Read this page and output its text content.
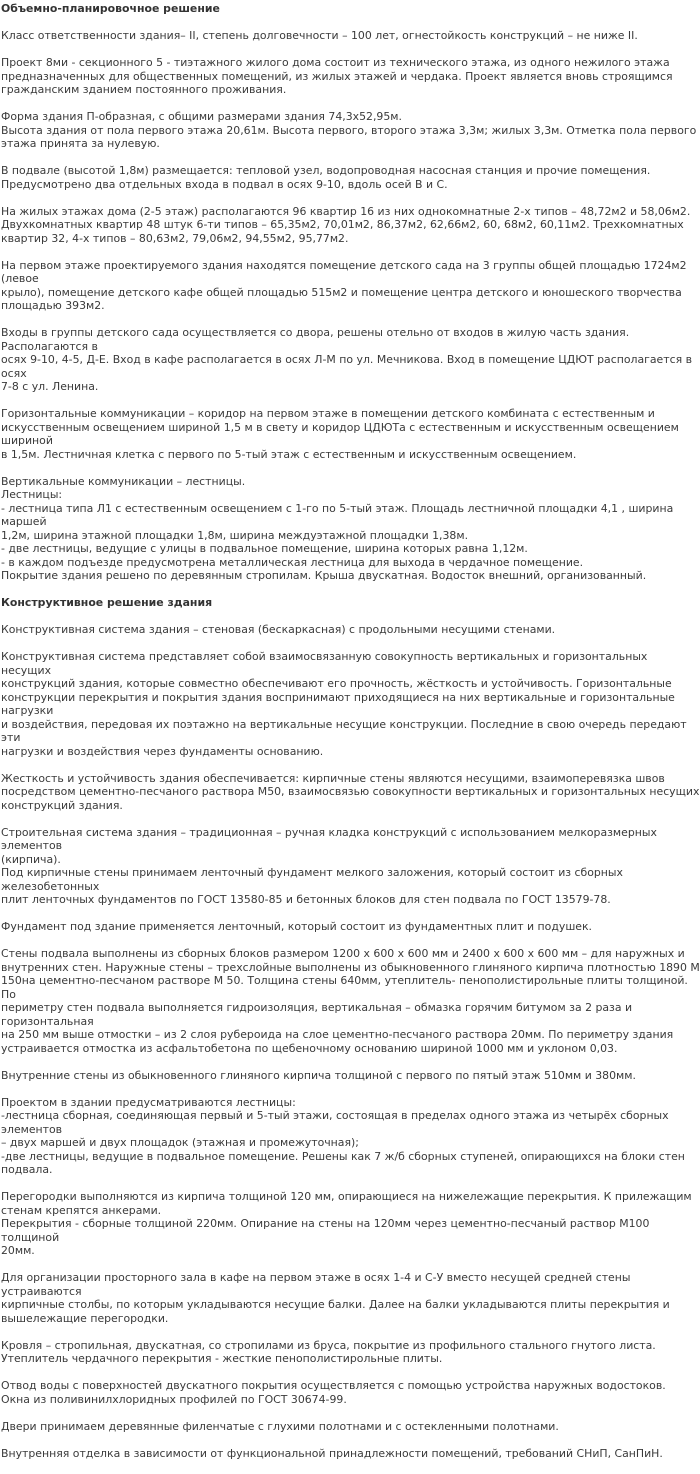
Объемно-планировочное решение
Класс ответственности здания– II, степень долговечности – 100 лет, огнестойкость конструкций – не ниже II.
Проект 8ми - секционного 5 - тиэтажного жилого дома состоит из технического этажа, из одного нежилого этажа
предназначенных для общественных помещений, из жилых этажей и чердака. Проект является вновь строящимся
гражданским зданием постоянного проживания.
Форма здания П-образная, с общими размерами здания 74,3х52,95м.
Высота здания от пола первого этажа 20,61м. Высота первого, второго этажа 3,3м; жилых 3,3м. Отметка пола первого
этажа принята за нулевую.
В подвале (высотой 1,8м) размещается: тепловой узел, водопроводная насосная станция и прочие помещения.
Предусмотрено два отдельных входа в подвал в осях 9-10, вдоль осей В и С.
На жилых этажах дома (2-5 этаж) располагаются 96 квартир 16 из них однокомнатные 2-х типов – 48,72м2 и 58,06м2.
Двухкомнатных квартир 48 штук 6-ти типов – 65,35м2, 70,01м2, 86,37м2, 62,66м2, 60, 68м2, 60,11м2. Трехкомнатных
квартир 32, 4-х типов – 80,63м2, 79,06м2, 94,55м2, 95,77м2.
На первом этаже проектируемого здания находятся помещение детского сада на 3 группы общей площадью 1724м2 (левое
крыло), помещение детского кафе общей площадью 515м2 и помещение центра детского и юношеского творчества
площадью 393м2.
Входы в группы детского сада осуществляется со двора, решены отельно от входов в жилую часть здания. Располагаются в
осях 9-10, 4-5, Д-Е. Вход в кафе располагается в осях Л-М по ул. Мечникова. Вход в помещение ЦДЮТ располагается в осях
7-8 с ул. Ленина.
Горизонтальные коммуникации – коридор на первом этаже в помещении детского комбината с естественным и
искусственным освещением шириной 1,5 м в свету и коридор ЦДЮТа с естественным и искусственным освещением шириной
в 1,5м. Лестничная клетка с первого по 5-тый этаж с естественным и искусственным освещением.
Вертикальные коммуникации – лестницы.
Лестницы:
- лестница типа Л1 с естественным освещением с 1-го по 5-тый этаж. Площадь лестничной площадки 4,1 , ширина маршей
1,2м, ширина этажной площадки 1,8м, ширина междуэтажной площадки 1,38м.
- две лестницы, ведущие с улицы в подвальное помещение, ширина которых равна 1,12м.
- в каждом подъезде предусмотрена металлическая лестница для выхода в чердачное помещение.
Покрытие здания решено по деревянным стропилам. Крыша двускатная. Водосток внешний, организованный.
Конструктивное решение здания
Конструктивная система здания – стеновая (бескаркасная) с продольными несущими стенами.
Конструктивная система представляет собой взаимосвязанную совокупность вертикальных и горизонтальных несущих
конструкций здания, которые совместно обеспечивают его прочность, жёсткость и устойчивость. Горизонтальные
конструкции перекрытия и покрытия здания воспринимают приходящиеся на них вертикальные и горизонтальные нагрузки
и воздействия, передовая их поэтажно на вертикальные несущие конструкции. Последние в свою очередь передают эти
нагрузки и воздействия через фундаменты основанию.
Жесткость и устойчивость здания обеспечивается: кирпичные стены являются несущими, взаимоперевязка швов
посредством цементно-песчаного раствора М50, взаимосвязью совокупности вертикальных и горизонтальных несущих
конструкций здания.
Строительная система здания – традиционная – ручная кладка конструкций с использованием мелкоразмерных элементов
(кирпича).
Под кирпичные стены принимаем ленточный фундамент мелкого заложения, который состоит из сборных железобетонных
плит ленточных фундаментов по ГОСТ 13580-85 и бетонных блоков для стен подвала по ГОСТ 13579-78.
Фундамент под здание применяется ленточный, который состоит из фундаментных плит и подушек.
Стены подвала выполнены из сборных блоков размером 1200 х 600 х 600 мм и 2400 х 600 х 600 мм – для наружных и
внутренних стен. Наружные стены – трехслойные выполнены из обыкновенного глиняного кирпича плотностью 1890 М
150на цементно-песчаном растворе М 50. Толщина стены 640мм, утеплитель- пенополистирольные плиты толщиной. По
периметру стен подвала выполняется гидроизоляция, вертикальная – обмазка горячим битумом за 2 раза и горизонтальная
на 250 мм выше отмостки – из 2 слоя рубероида на слое цементно-песчаного раствора 20мм. По периметру здания
устраивается отмостка из асфальтобетона по щебеночному основанию шириной 1000 мм и уклоном 0,03.
Внутренние стены из обыкновенного глиняного кирпича толщиной с первого по пятый этаж 510мм и 380мм.
Проектом в здании предусматриваются лестницы:
-лестница сборная, соединяющая первый и 5-тый этажи, состоящая в пределах одного этажа из четырёх сборных элементов
– двух маршей и двух площадок (этажная и промежуточная);
-две лестницы, ведущие в подвальное помещение. Решены как 7 ж/б сборных ступеней, опирающихся на блоки стен
подвала.
Перегородки выполняются из кирпича толщиной 120 мм, опирающиеся на нижележащие перекрытия. К прилежащим
стенам крепятся анкерами.
Перекрытия - сборные толщиной 220мм. Опирание на стены на 120мм через цементно-песчаный раствор М100 толщиной
20мм.
Для организации просторного зала в кафе на первом этаже в осях 1-4 и С-У вместо несущей средней стены устраиваются
кирпичные столбы, по которым укладываются несущие балки. Далее на балки укладываются плиты перекрытия и
вышележащие перегородки.
Кровля – стропильная, двускатная, со стропилами из бруса, покрытие из профильного стального гнутого листа.
Утеплитель чердачного перекрытия - жесткие пенополистирольные плиты.
Отвод воды с поверхностей двускатного покрытия осуществляется с помощью устройства наружных водостоков.
Окна из поливинилхлоридных профилей по ГОСТ 30674-99.
Двери принимаем деревянные филенчатые с глухими полотнами и с остекленными полотнами.
Внутренняя отделка в зависимости от функциональной принадлежности помещений, требований СНиП, СанПиН.
